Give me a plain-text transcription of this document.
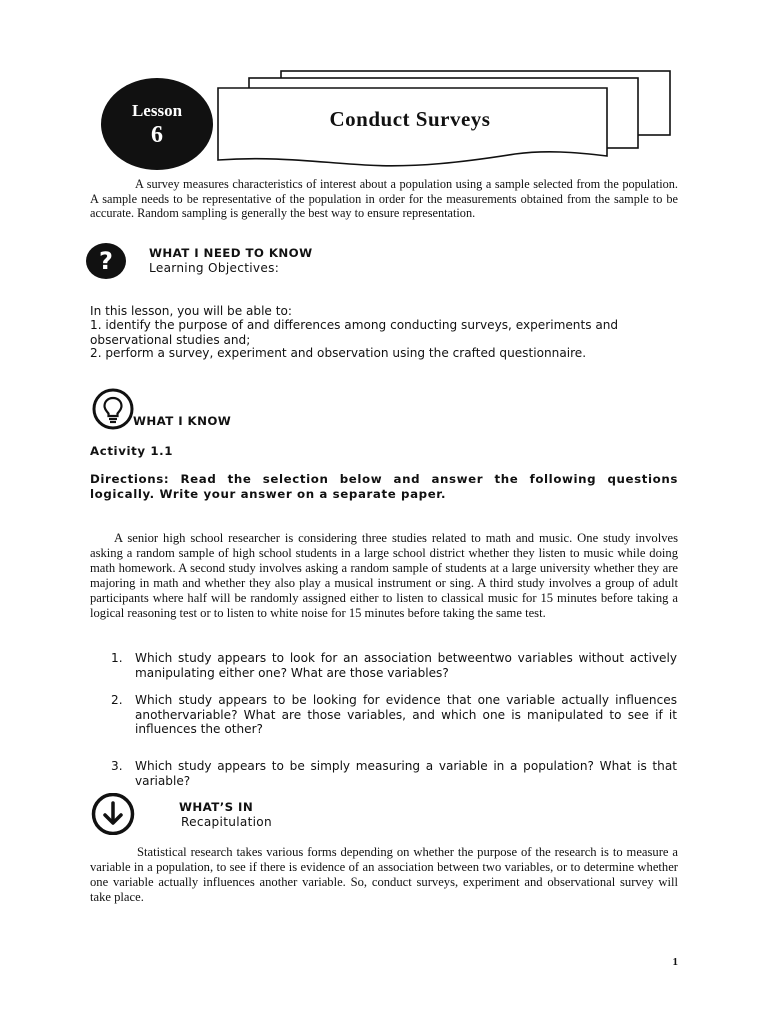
Lesson
6
Conduct Surveys
A survey measures characteristics of interest about a population using a sample selected from the population. A sample needs to be representative of the population in order for the measurements obtained from the sample to be accurate. Random sampling is generally the best way to ensure representation.
?	WHAT I NEED TO KNOW
Learning Objectives:
In this lesson, you will be able to:
1. identify the purpose of and differences among conducting surveys, experiments and observational studies and;
2. perform a survey, experiment and observation using the crafted questionnaire.
WHAT I KNOW
Activity 1.1
Directions: Read the selection below and answer the following questions logically. Write your answer on a separate paper.
A senior high school researcher is considering three studies related to math and music. One study involves asking a random sample of high school students in a large school district whether they listen to music while doing math homework. A second study involves asking a random sample of students at a large university whether they are majoring in math and whether they also play a musical instrument or sing. A third study involves a group of adult participants where half will be randomly assigned either to listen to classical music for 15 minutes before taking a logical reasoning test or to listen to white noise for 15 minutes before taking the same test.
1. Which study appears to look for an association betweentwo variables without actively manipulating either one? What are those variables?
2. Which study appears to be looking for evidence that one variable actually influences anothervariable? What are those variables, and which one is manipulated to see if it influences the other?
3. Which study appears to be simply measuring a variable in a population? What is that variable?
WHAT’S IN
Recapitulation
Statistical research takes various forms depending on whether the purpose of the research is to measure a variable in a population, to see if there is evidence of an association between two variables, or to determine whether one variable actually influences another variable. So, conduct surveys, experiment and observational survey will take place.
1
